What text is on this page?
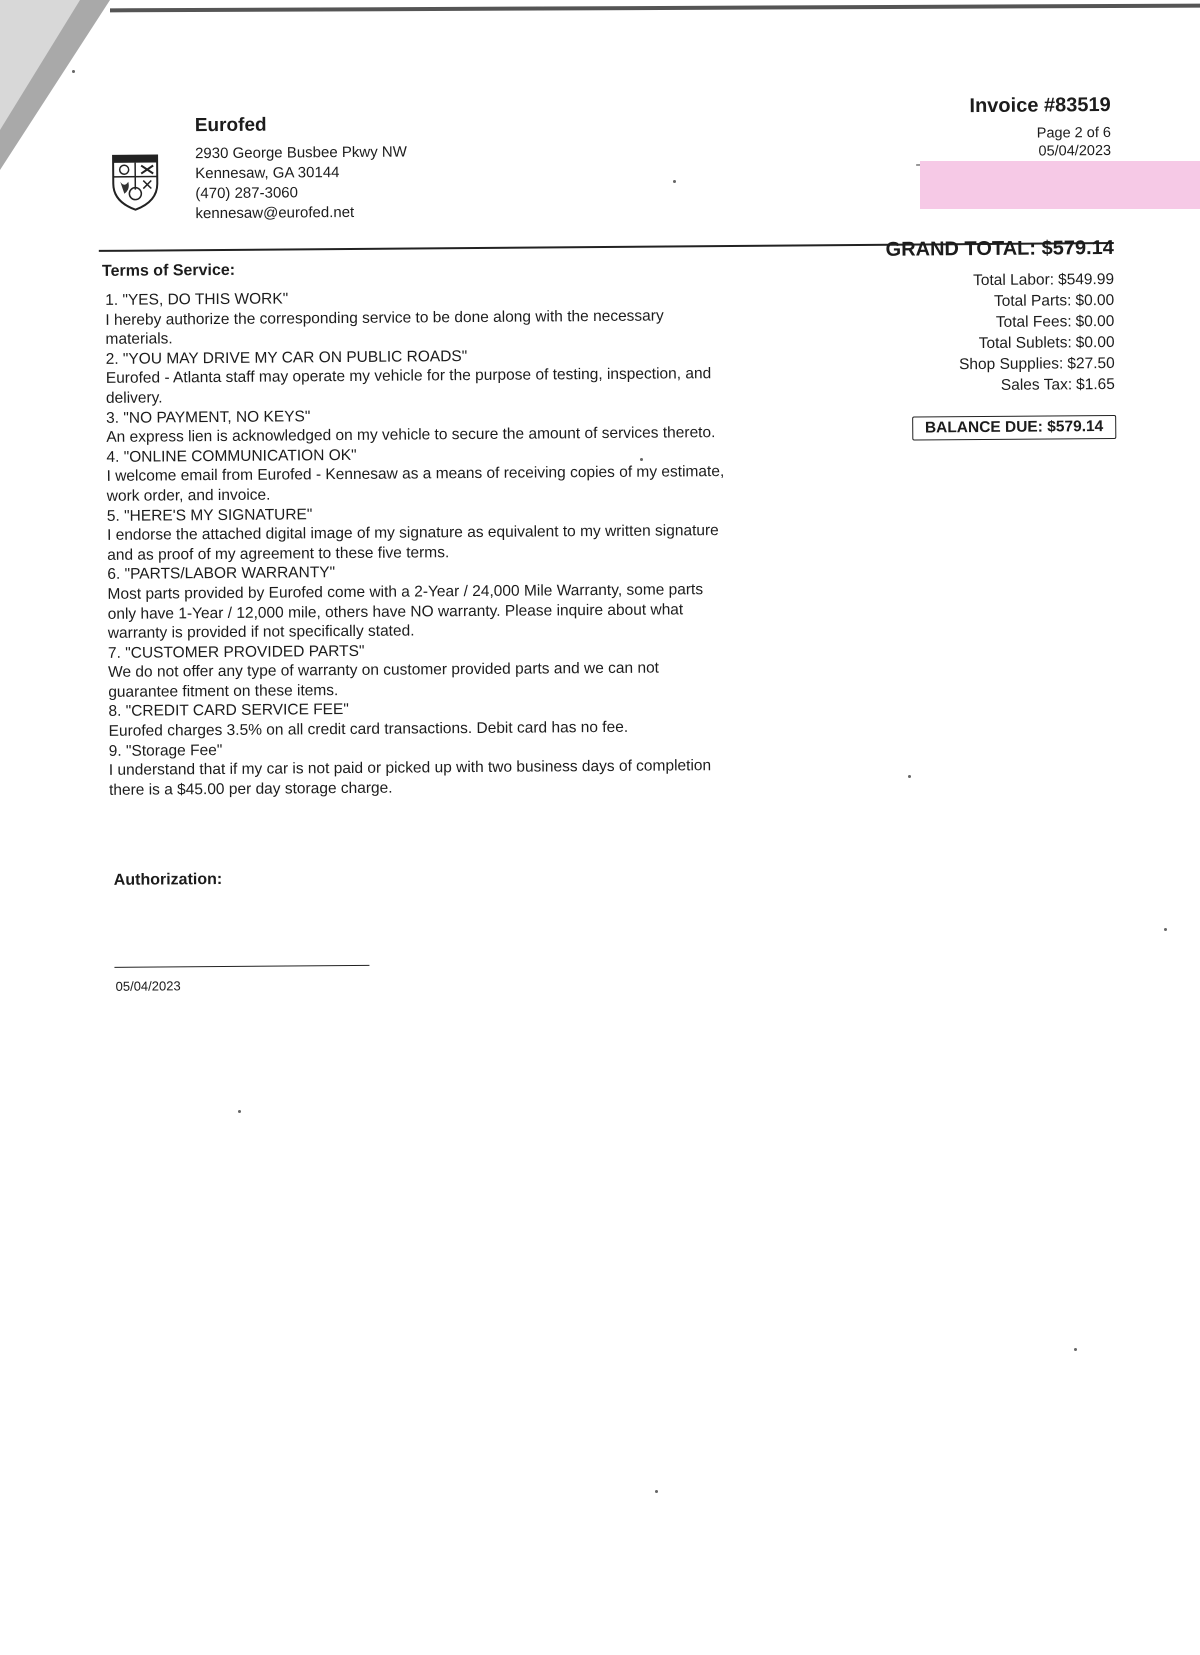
Eurofed
2930 George Busbee Pkwy NW
Kennesaw, GA 30144
(470) 287-3060
kennesaw@eurofed.net
Invoice #83519
Page 2 of 6
05/04/2023
Terms of Service:
1. "YES, DO THIS WORK"
I hereby authorize the corresponding service to be done along with the necessary materials.
2. "YOU MAY DRIVE MY CAR ON PUBLIC ROADS"
Eurofed - Atlanta staff may operate my vehicle for the purpose of testing, inspection, and delivery.
3. "NO PAYMENT, NO KEYS"
An express lien is acknowledged on my vehicle to secure the amount of services thereto.
4. "ONLINE COMMUNICATION OK"
I welcome email from Eurofed - Kennesaw as a means of receiving copies of my estimate, work order, and invoice.
5. "HERE'S MY SIGNATURE"
I endorse the attached digital image of my signature as equivalent to my written signature and as proof of my agreement to these five terms.
6. "PARTS/LABOR WARRANTY"
Most parts provided by Eurofed come with a 2-Year / 24,000 Mile Warranty, some parts only have 1-Year / 12,000 mile, others have NO warranty. Please inquire about what warranty is provided if not specifically stated.
7. "CUSTOMER PROVIDED PARTS"
We do not offer any type of warranty on customer provided parts and we can not guarantee fitment on these items.
8. "CREDIT CARD SERVICE FEE"
Eurofed charges 3.5% on all credit card transactions. Debit card has no fee.
9. "Storage Fee"
I understand that if my car is not paid or picked up with two business days of completion there is a $45.00 per day storage charge.
GRAND TOTAL: $579.14
Total Labor: $549.99
Total Parts: $0.00
Total Fees: $0.00
Total Sublets: $0.00
Shop Supplies: $27.50
Sales Tax: $1.65
BALANCE DUE: $579.14
Authorization:
05/04/2023
